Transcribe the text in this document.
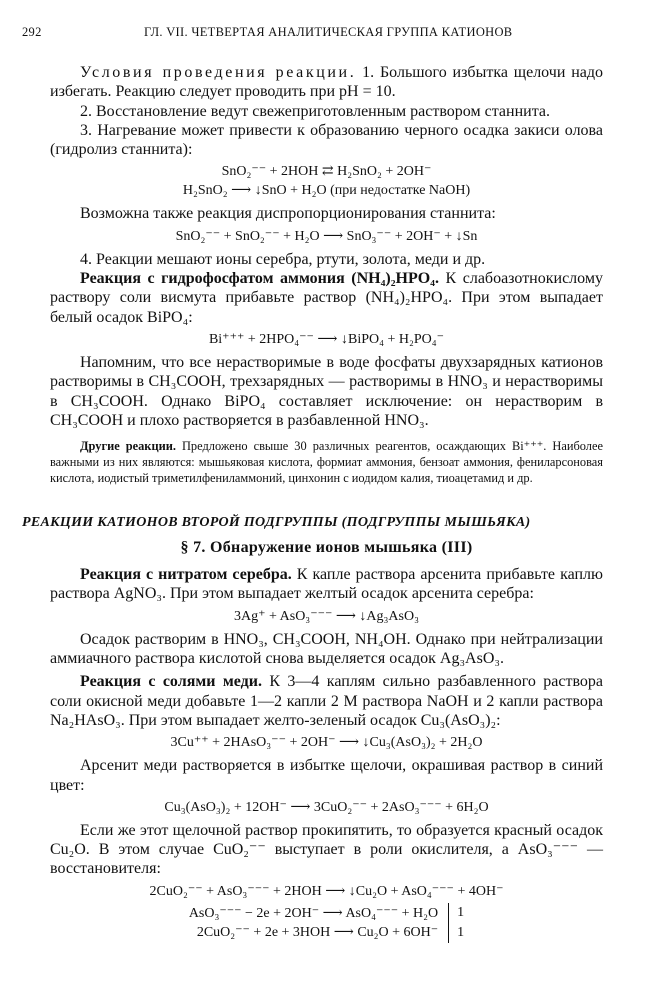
292	ГЛ. VII. ЧЕТВЕРТАЯ АНАЛИТИЧЕСКАЯ ГРУППА КАТИОНОВ

Условия проведения реакции. 1. Большого избытка щелочи надо избегать. Реакцию следует проводить при pH = 10.

2. Восстановление ведут свежеприготовленным раствором станнита.

3. Нагревание может привести к образованию черного осадка закиси олова (гидролиз станнита):

SnO₂⁻⁻ + 2HOH ⇄ H₂SnO₂ + 2OH⁻
H₂SnO₂ ⟶ ↓SnO + H₂O (при недостатке NaOH)

Возможна также реакция диспропорционирования станнита:

SnO₂⁻⁻ + SnO₂⁻⁻ + H₂O ⟶ SnO₃⁻⁻ + 2OH⁻ + ↓Sn

4. Реакции мешают ионы серебра, ртути, золота, меди и др.

Реакция с гидрофосфатом аммония (NH₄)₂HPO₄. К слабоазотнокислому раствору соли висмута прибавьте раствор (NH₄)₂HPO₄. При этом выпадает белый осадок BiPO₄:

Bi⁺⁺⁺ + 2HPO₄⁻⁻ ⟶ ↓BiPO₄ + H₂PO₄⁻

Напомним, что все нерастворимые в воде фосфаты двухзарядных катионов растворимы в CH₃COOH, трехзарядных — растворимы в HNO₃ и нерастворимы в CH₃COOH. Однако BiPO₄ составляет исключение: он нерастворим в CH₃COOH и плохо растворяется в разбавленной HNO₃.

Другие реакции. Предложено свыше 30 различных реагентов, осаждающих Bi⁺⁺⁺. Наиболее важными из них являются: мышьяковая кислота, формиат аммония, бензоат аммония, фениларсоновая кислота, иодистый триметилфениламмоний, цинхонин с иодидом калия, тиоацетамид и др.

РЕАКЦИИ КАТИОНОВ ВТОРОЙ ПОДГРУППЫ (ПОДГРУППЫ МЫШЬЯКА)
§ 7. Обнаружение ионов мышьяка (III)

Реакция с нитратом серебра. К капле раствора арсенита прибавьте каплю раствора AgNO₃. При этом выпадает желтый осадок арсенита серебра:

3Ag⁺ + AsO₃⁻⁻⁻ ⟶ ↓Ag₃AsO₃

Осадок растворим в HNO₃, CH₃COOH, NH₄OH. Однако при нейтрализации аммиачного раствора кислотой снова выделяется осадок Ag₃AsO₃.

Реакция с солями меди. К 3—4 каплям сильно разбавленного раствора соли окисной меди добавьте 1—2 капли 2 M раствора NaOH и 2 капли раствора Na₂HAsO₃. При этом выпадает желто-зеленый осадок Cu₃(AsO₃)₂:

3Cu⁺⁺ + 2HAsO₃⁻⁻ + 2OH⁻ ⟶ ↓Cu₃(AsO₃)₂ + 2H₂O

Арсенит меди растворяется в избытке щелочи, окрашивая раствор в синий цвет:

Cu₃(AsO₃)₂ + 12OH⁻ ⟶ 3CuO₂⁻⁻ + 2AsO₃⁻⁻⁻ + 6H₂O

Если же этот щелочной раствор прокипятить, то образуется красный осадок Cu₂O. В этом случае CuO₂⁻⁻ выступает в роли окислителя, а AsO₃⁻⁻⁻ — восстановителя:

2CuO₂⁻⁻ + AsO₃⁻⁻⁻ + 2HOH ⟶ ↓Cu₂O + AsO₄⁻⁻⁻ + 4OH⁻
AsO₃⁻⁻⁻ − 2e + 2OH⁻ ⟶ AsO₄⁻⁻⁻ + H₂O
2CuO₂⁻⁻ + 2e + 3HOH ⟶ Cu₂O + 6OH⁻
1
1
